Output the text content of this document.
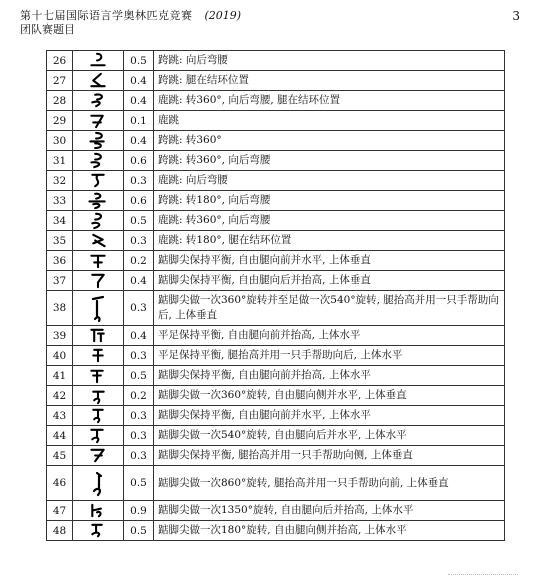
第十七届国际语言学奥林匹克竞赛 (2019)
团队赛题目
3
26		0.5	跨跳: 向后弯腰
27		0.4	跨跳: 腿在结环位置
28		0.4	鹿跳: 转360°, 向后弯腰, 腿在结环位置
29		0.1	鹿跳
30		0.4	跨跳: 转360°
31		0.6	跨跳: 转360°, 向后弯腰
32		0.3	鹿跳: 向后弯腰
33		0.6	跨跳: 转180°, 向后弯腰
34		0.5	鹿跳: 转360°, 向后弯腰
35		0.3	鹿跳: 转180°, 腿在结环位置
36		0.2	踮脚尖保持平衡, 自由腿向前并水平, 上体垂直
37		0.4	踮脚尖保持平衡, 自由腿向后并抬高, 上体垂直
38		0.3	踮脚尖做一次360°旋转并至足做一次540°旋转, 腿抬高并用一只手帮助向后, 上体垂直
39		0.4	平足保持平衡, 自由腿向前并抬高, 上体水平
40		0.3	平足保持平衡, 腿抬高并用一只手帮助向后, 上体水平
41		0.5	踮脚尖保持平衡, 自由腿向前并抬高, 上体水平
42		0.2	踮脚尖做一次360°旋转, 自由腿向侧并水平, 上体垂直
43		0.3	踮脚尖保持平衡, 自由腿向前并水平, 上体水平
44		0.3	踮脚尖做一次540°旋转, 自由腿向后并水平, 上体水平
45		0.3	踮脚尖保持平衡, 腿抬高并用一只手帮助向侧, 上体垂直
46		0.5	踮脚尖做一次860°旋转, 腿抬高并用一只手帮助向前, 上体垂直
47		0.9	踮脚尖做一次1350°旋转, 自由腿向后并抬高, 上体水平
48		0.5	踮脚尖做一次180°旋转, 自由腿向侧并抬高, 上体水平
